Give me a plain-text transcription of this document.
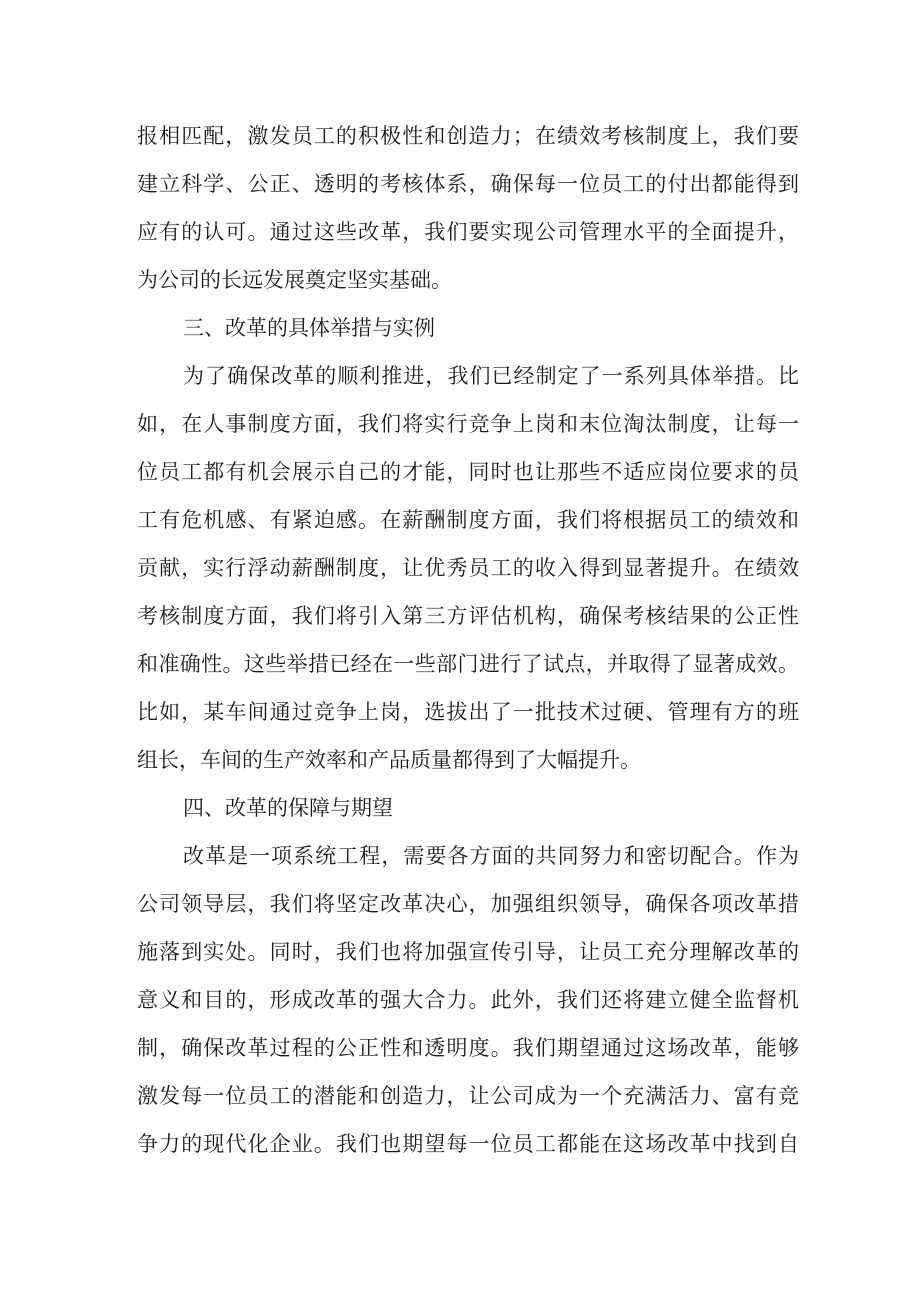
报相匹配，激发员工的积极性和创造力；在绩效考核制度上，我们要
建立科学、公正、透明的考核体系，确保每一位员工的付出都能得到
应有的认可。通过这些改革，我们要实现公司管理水平的全面提升，
为公司的长远发展奠定坚实基础。
三、改革的具体举措与实例
为了确保改革的顺利推进，我们已经制定了一系列具体举措。比
如，在人事制度方面，我们将实行竞争上岗和末位淘汰制度，让每一
位员工都有机会展示自己的才能，同时也让那些不适应岗位要求的员
工有危机感、有紧迫感。在薪酬制度方面，我们将根据员工的绩效和
贡献，实行浮动薪酬制度，让优秀员工的收入得到显著提升。在绩效
考核制度方面，我们将引入第三方评估机构，确保考核结果的公正性
和准确性。这些举措已经在一些部门进行了试点，并取得了显著成效。
比如，某车间通过竞争上岗，选拔出了一批技术过硬、管理有方的班
组长，车间的生产效率和产品质量都得到了大幅提升。
四、改革的保障与期望
改革是一项系统工程，需要各方面的共同努力和密切配合。作为
公司领导层，我们将坚定改革决心，加强组织领导，确保各项改革措
施落到实处。同时，我们也将加强宣传引导，让员工充分理解改革的
意义和目的，形成改革的强大合力。此外，我们还将建立健全监督机
制，确保改革过程的公正性和透明度。我们期望通过这场改革，能够
激发每一位员工的潜能和创造力，让公司成为一个充满活力、富有竞
争力的现代化企业。我们也期望每一位员工都能在这场改革中找到自
